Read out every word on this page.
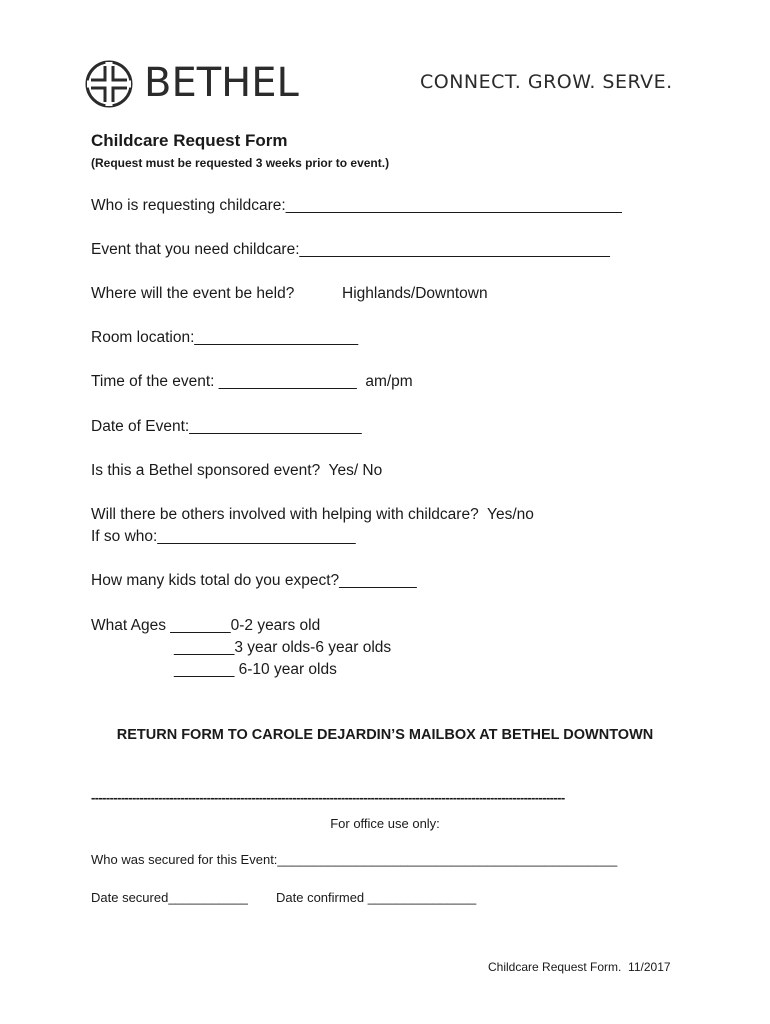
BETHEL	CONNECT. GROW. SERVE.
Childcare Request Form
(Request must be requested 3 weeks prior to event.)
Who is requesting childcare:_______________________________________
Event that you need childcare:____________________________________
Where will the event be held?	Highlands/Downtown
Room location:___________________
Time of the event: ________________  am/pm
Date of Event:____________________
Is this a Bethel sponsored event?  Yes/ No
Will there be others involved with helping with childcare?  Yes/no
If so who:_______________________
How many kids total do you expect?_________
What Ages _______0-2 years old
_______3 year olds-6 year olds
_______ 6-10 year olds
RETURN FORM TO CAROLE DEJARDIN’S MAILBOX AT BETHEL DOWNTOWN
-------------------------------------------------------------------------------------------------------------------------------
For office use only:
Who was secured for this Event:_______________________________________________
Date secured___________ Date confirmed _______________
Childcare Request Form.  11/2017
